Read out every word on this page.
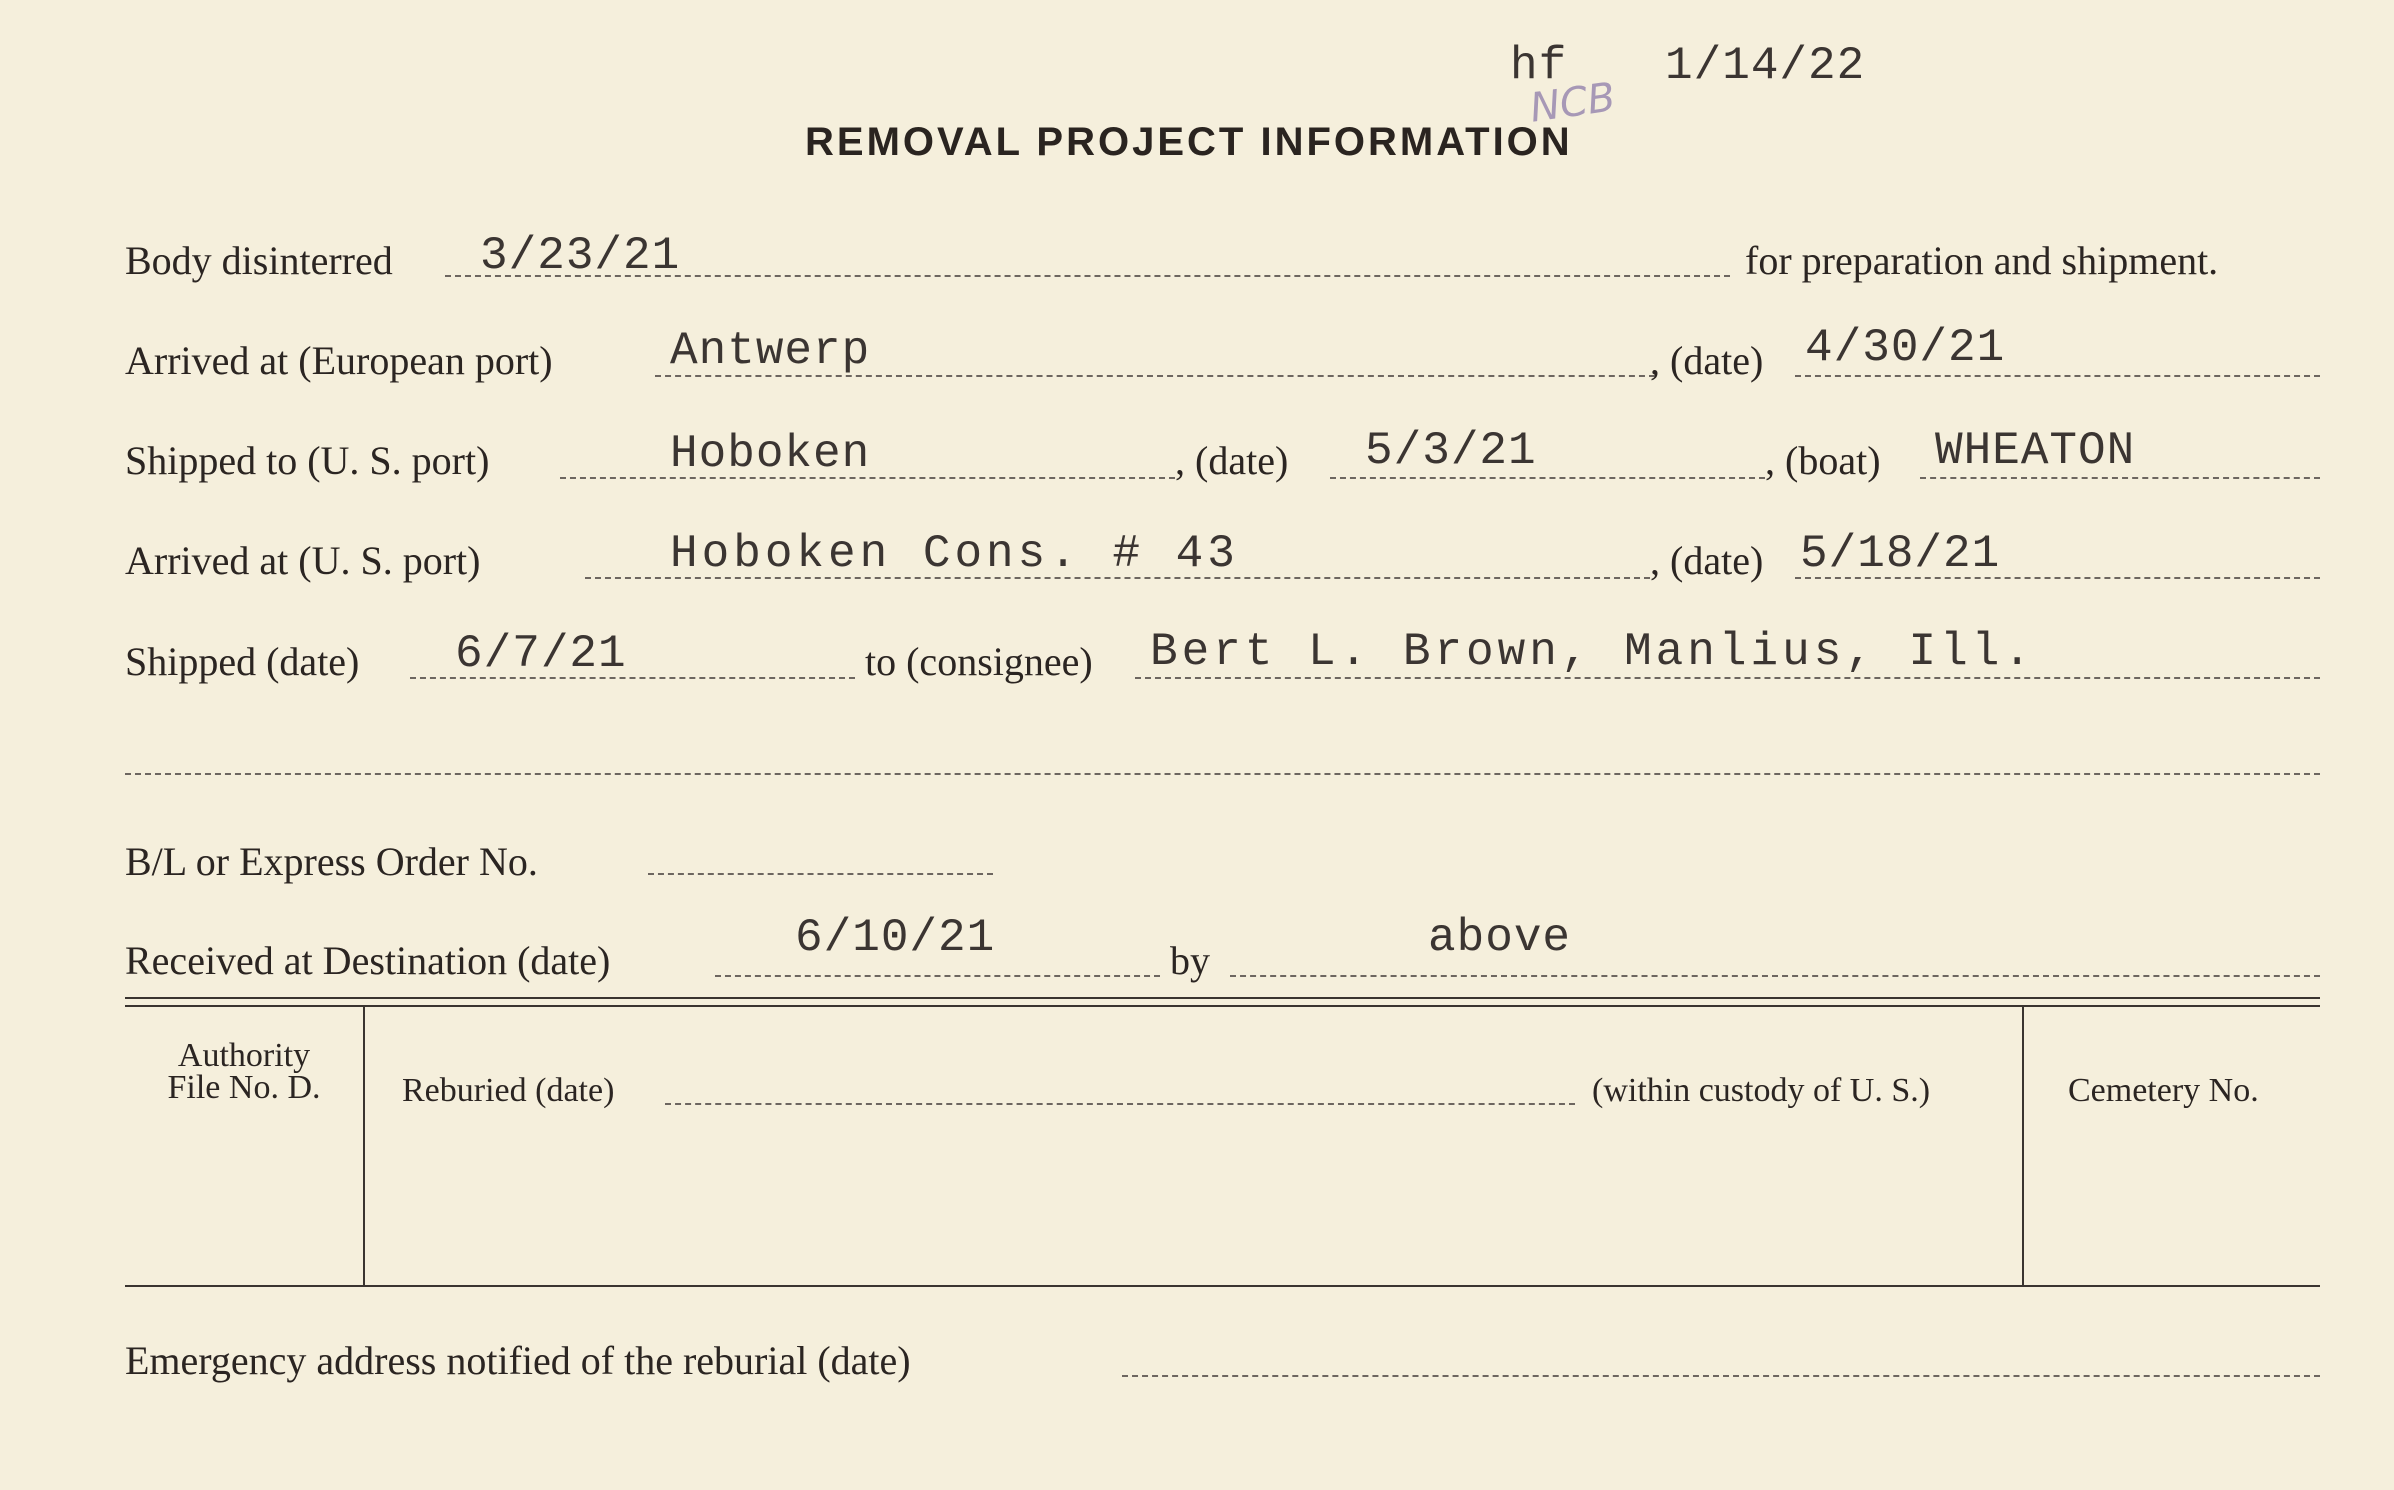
hf 1/14/22
NCB
REMOVAL PROJECT INFORMATION
Body disinterred 3/23/21	for preparation and shipment.
Arrived at (European port)	Antwerp	, (date) 4/30/21
Shipped to (U. S. port)	Hoboken	, (date) 5/3/21	, (boat) WHEATON
Arrived at (U. S. port)	Hoboken Cons. # 43	, (date) 5/18/21
Shipped (date) 6/7/21	to (consignee) Bert L. Brown, Manlius, Ill.
B/L or Express Order No.
Received at Destination (date)	6/10/21	by	above
Authority
File No. D.	Reburied (date)	(within custody of U. S.)	Cemetery No.
Emergency address notified of the reburial (date)
